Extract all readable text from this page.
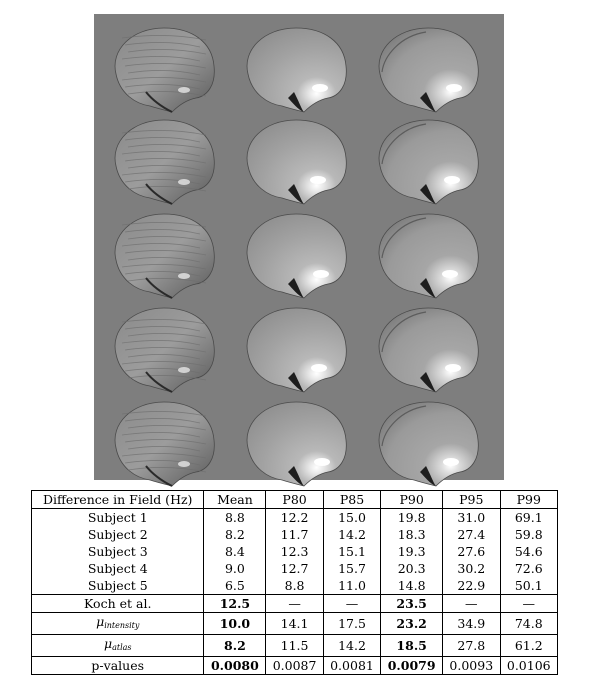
Difference in Field (Hz)	Mean	P80	P85	P90	P95	P99
Subject 1	8.8	12.2	15.0	19.8	31.0	69.1
Subject 2	8.2	11.7	14.2	18.3	27.4	59.8
Subject 3	8.4	12.3	15.1	19.3	27.6	54.6
Subject 4	9.0	12.7	15.7	20.3	30.2	72.6
Subject 5	6.5	8.8	11.0	14.8	22.9	50.1
Koch et al.	12.5	—	—	23.5	—	—
$\mu_{intensity}$	10.0	14.1	17.5	23.2	34.9	74.8
$\mu_{atlas}$	8.2	11.5	14.2	18.5	27.8	61.2
p-values	0.0080	0.0087	0.0081	0.0079	0.0093	0.0106
